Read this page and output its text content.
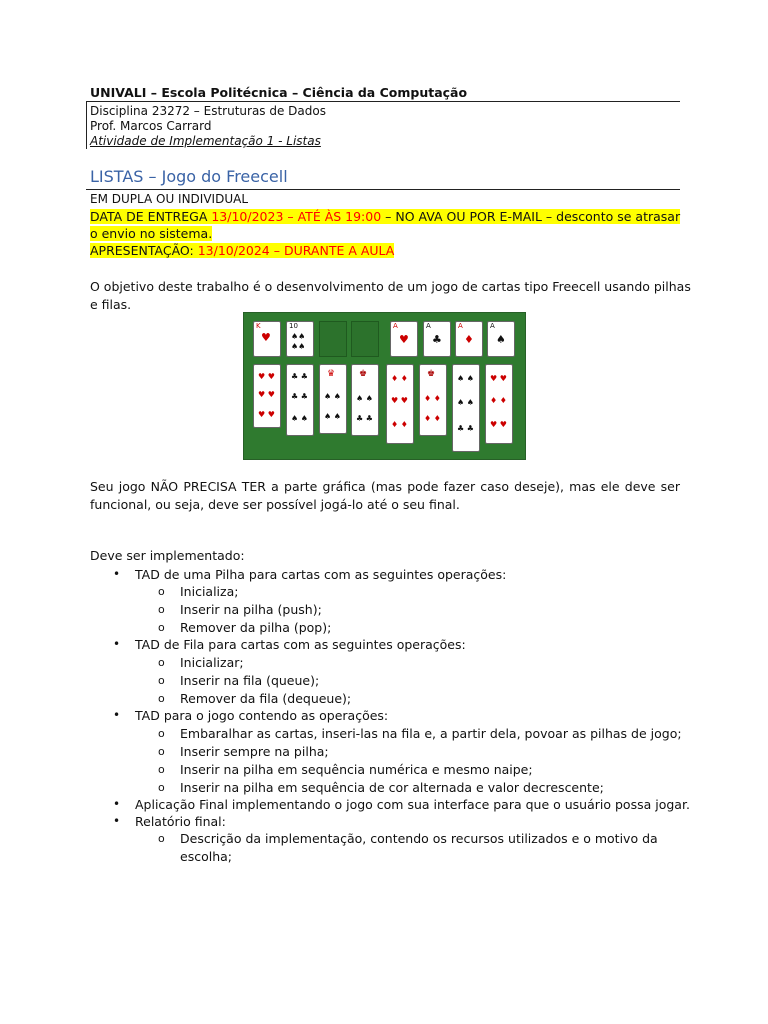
UNIVALI – Escola Politécnica – Ciência da Computação
Disciplina 23272 – Estruturas de Dados
Prof. Marcos Carrard
Atividade de Implementação 1 - Listas
LISTAS – Jogo do Freecell
EM DUPLA OU INDIVIDUAL
DATA DE ENTREGA 13/10/2023 – ATÉ ÀS 19:00 – NO AVA OU POR E-MAIL – desconto se atrasar
o envio no sistema.
APRESENTAÇÃO: 13/10/2024 – DURANTE A AULA
O objetivo deste trabalho é o desenvolvimento de um jogo de cartas tipo Freecell usando pilhas
e filas.
K
♥
10
♠♠
♠♠
A
♥
A
♣
A
♦
A
♠
♥ ♥
♥ ♥
♥ ♥
♣ ♣
♣ ♣
♠ ♠
♛
♠ ♠
♠ ♠
♚
♠ ♠
♣ ♣
♦ ♦
♥ ♥
♦ ♦
♚
♦ ♦
♦ ♦
♠ ♠
♠ ♠
♣ ♣
♥ ♥
♦ ♦
♥ ♥
Seu jogo NÃO PRECISA TER a parte gráfica (mas pode fazer caso deseje), mas ele deve ser
funcional, ou seja, deve ser possível jogá-lo até o seu final.
Deve ser implementado:
• TAD de uma Pilha para cartas com as seguintes operações:
o Inicializa;
o Inserir na pilha (push);
o Remover da pilha (pop);
• TAD de Fila para cartas com as seguintes operações:
o Inicializar;
o Inserir na fila (queue);
o Remover da fila (dequeue);
• TAD para o jogo contendo as operações:
o Embaralhar as cartas, inseri-las na fila e, a partir dela, povoar as pilhas de jogo;
o Inserir sempre na pilha;
o Inserir na pilha em sequência numérica e mesmo naipe;
o Inserir na pilha em sequência de cor alternada e valor decrescente;
• Aplicação Final implementando o jogo com sua interface para que o usuário possa jogar.
• Relatório final:
o Descrição da implementação, contendo os recursos utilizados e o motivo da
escolha;
